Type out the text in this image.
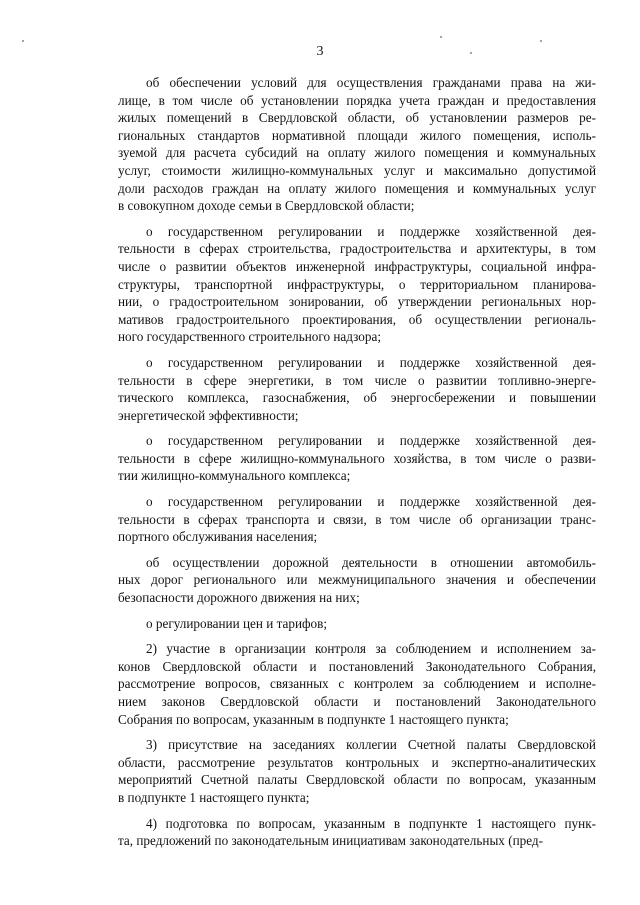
3
об обеспечении условий для осуществления гражданами права на жи-
лище, в том числе об установлении порядка учета граждан и предоставления
жилых помещений в Свердловской области, об установлении размеров ре-
гиональных стандартов нормативной площади жилого помещения, исполь-
зуемой для расчета субсидий на оплату жилого помещения и коммунальных
услуг, стоимости жилищно-коммунальных услуг и максимально допустимой
доли расходов граждан на оплату жилого помещения и коммунальных услуг
в совокупном доходе семьи в Свердловской области;
о государственном регулировании и поддержке хозяйственной дея-
тельности в сферах строительства, градостроительства и архитектуры, в том
числе о развитии объектов инженерной инфраструктуры, социальной инфра-
структуры, транспортной инфраструктуры, о территориальном планирова-
нии, о градостроительном зонировании, об утверждении региональных нор-
мативов градостроительного проектирования, об осуществлении региональ-
ного государственного строительного надзора;
о государственном регулировании и поддержке хозяйственной дея-
тельности в сфере энергетики, в том числе о развитии топливно-энерге-
тического комплекса, газоснабжения, об энергосбережении и повышении
энергетической эффективности;
о государственном регулировании и поддержке хозяйственной дея-
тельности в сфере жилищно-коммунального хозяйства, в том числе о разви-
тии жилищно-коммунального комплекса;
о государственном регулировании и поддержке хозяйственной дея-
тельности в сферах транспорта и связи, в том числе об организации транс-
портного обслуживания населения;
об осуществлении дорожной деятельности в отношении автомобиль-
ных дорог регионального или межмуниципального значения и обеспечении
безопасности дорожного движения на них;
о регулировании цен и тарифов;
2) участие в организации контроля за соблюдением и исполнением за-
конов Свердловской области и постановлений Законодательного Собрания,
рассмотрение вопросов, связанных с контролем за соблюдением и исполне-
нием законов Свердловской области и постановлений Законодательного
Собрания по вопросам, указанным в подпункте 1 настоящего пункта;
3) присутствие на заседаниях коллегии Счетной палаты Свердловской
области, рассмотрение результатов контрольных и экспертно-аналитических
мероприятий Счетной палаты Свердловской области по вопросам, указанным
в подпункте 1 настоящего пункта;
4) подготовка по вопросам, указанным в подпункте 1 настоящего пунк-
та, предложений по законодательным инициативам законодательных (пред-
